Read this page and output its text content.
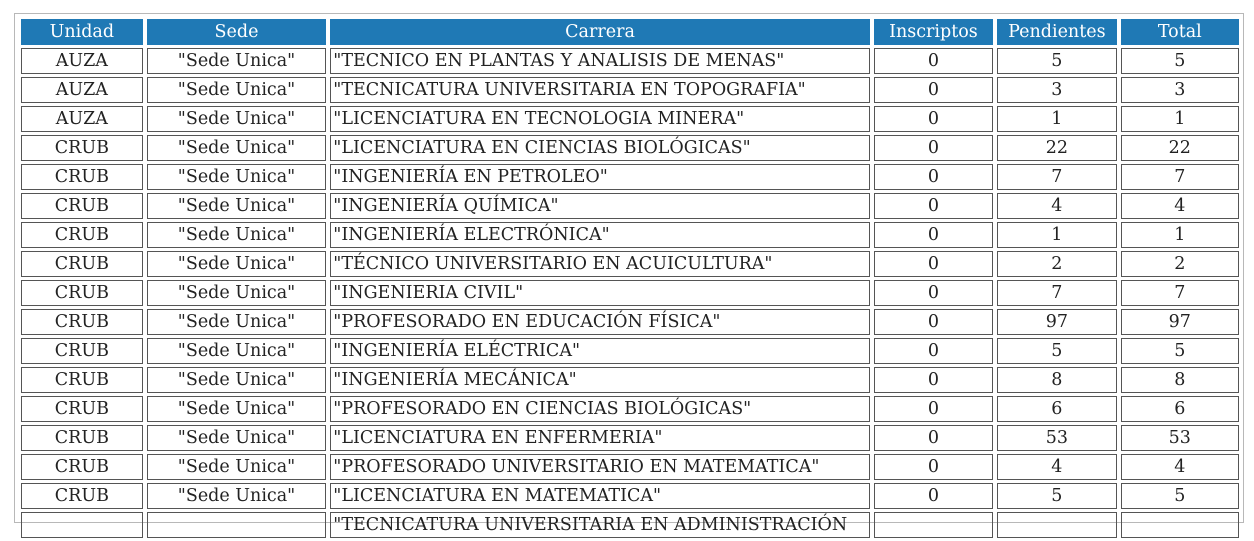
Unidad	Sede	Carrera	Inscriptos	Pendientes	Total
AUZA	"Sede Unica"	"TECNICO EN PLANTAS Y ANALISIS DE MENAS"	0	5	5
AUZA	"Sede Unica"	"TECNICATURA UNIVERSITARIA EN TOPOGRAFIA"	0	3	3
AUZA	"Sede Unica"	"LICENCIATURA EN TECNOLOGIA MINERA"	0	1	1
CRUB	"Sede Unica"	"LICENCIATURA EN CIENCIAS BIOLÓGICAS"	0	22	22
CRUB	"Sede Unica"	"INGENIERÍA EN PETROLEO"	0	7	7
CRUB	"Sede Unica"	"INGENIERÍA QUÍMICA"	0	4	4
CRUB	"Sede Unica"	"INGENIERÍA ELECTRÓNICA"	0	1	1
CRUB	"Sede Unica"	"TÉCNICO UNIVERSITARIO EN ACUICULTURA"	0	2	2
CRUB	"Sede Unica"	"INGENIERIA CIVIL"	0	7	7
CRUB	"Sede Unica"	"PROFESORADO EN EDUCACIÓN FÍSICA"	0	97	97
CRUB	"Sede Unica"	"INGENIERÍA ELÉCTRICA"	0	5	5
CRUB	"Sede Unica"	"INGENIERÍA MECÁNICA"	0	8	8
CRUB	"Sede Unica"	"PROFESORADO EN CIENCIAS BIOLÓGICAS"	0	6	6
CRUB	"Sede Unica"	"LICENCIATURA EN ENFERMERIA"	0	53	53
CRUB	"Sede Unica"	"PROFESORADO UNIVERSITARIO EN MATEMATICA"	0	4	4
CRUB	"Sede Unica"	"LICENCIATURA EN MATEMATICA"	0	5	5
		"TECNICATURA UNIVERSITARIA EN ADMINISTRACIÓN			
